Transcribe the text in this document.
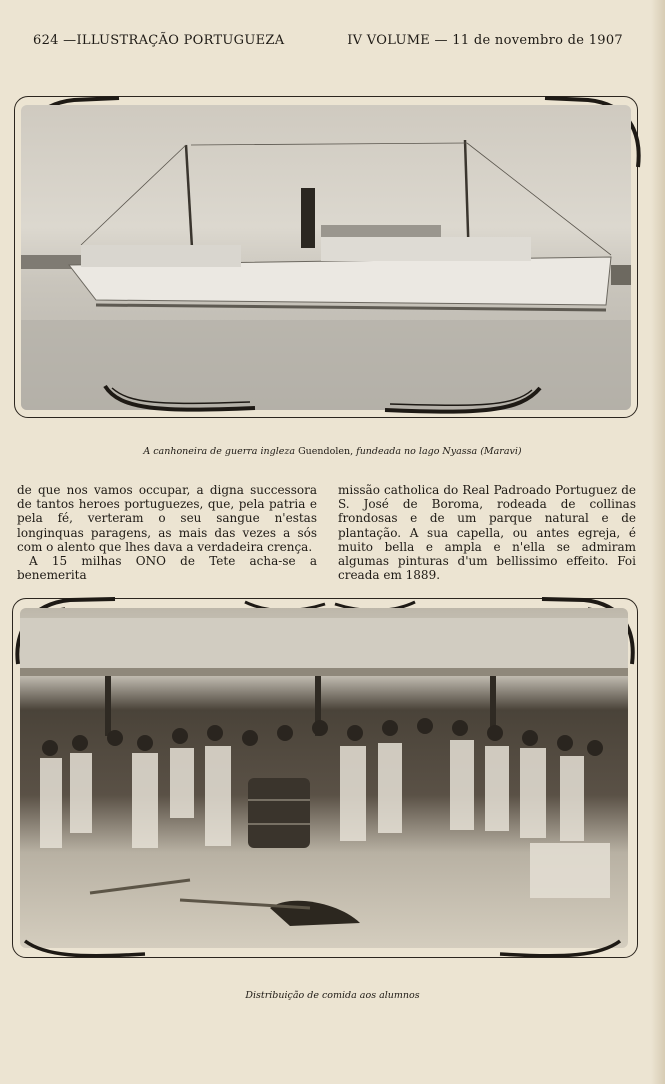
624 —ILLUSTRAÇÃO PORTUGUEZA	IV VOLUME — 11 de novembro de 1907
A canhoneira de guerra ingleza Guendolen, fundeada no lago Nyassa (Maravi)

de que nos vamos occupar, a digna successora de tantos heroes portuguezes, que, pela patria e pela fé, verteram o seu sangue n'estas longinquas paragens, as mais das vezes a sós com o alento que lhes dava a verdadeira crença.

A 15 milhas ONO de Tete acha-se a benemerita

missão catholica do Real Padroado Portuguez de S. José de Boroma, rodeada de collinas frondosas e de um parque natural e de plantação. A sua capella, ou antes egreja, é muito bella e ampla e n'ella se admiram algumas pinturas d'um bellissimo effeito. Foi creada em 1889.

Distribuição de comida aos alumnos
